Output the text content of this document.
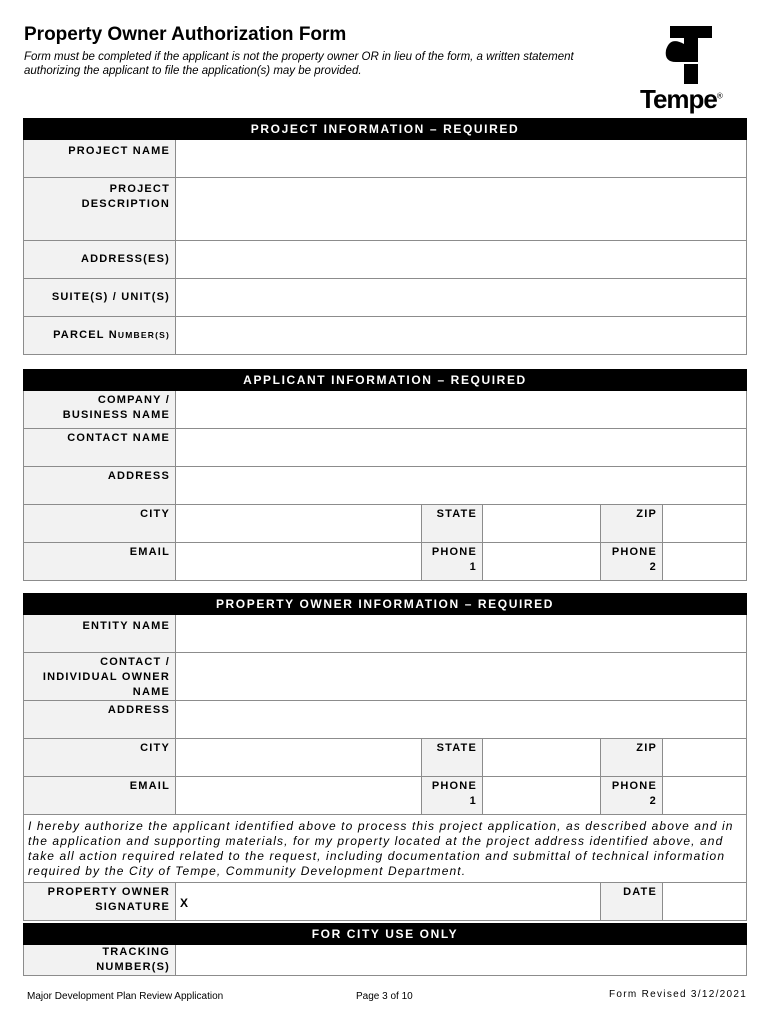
Property Owner Authorization Form
Form must be completed if the applicant is not the property owner OR in lieu of the form, a written statement authorizing the applicant to file the application(s) may be provided.
Tempe®
PROJECT INFORMATION – REQUIRED	
PROJECT NAME	
PROJECT DESCRIPTION	
ADDRESS(ES)	
SUITE(S) / UNIT(S)	
PARCEL NUMBER(S)	
APPLICANT INFORMATION – REQUIRED					
COMPANY / BUSINESS NAME					
CONTACT NAME					
ADDRESS					
CITY		STATE		ZIP	
EMAIL		PHONE 1		PHONE 2	
PROPERTY OWNER INFORMATION – REQUIRED					
ENTITY NAME					
CONTACT / INDIVIDUAL OWNER NAME					
ADDRESS					
CITY		STATE		ZIP	
EMAIL		PHONE 1		PHONE 2	
I hereby authorize the applicant identified above to process this project application, as described above and in the application and supporting materials, for my property located at the project address identified above, and take all action required related to the request, including documentation and submittal of technical information required by the City of Tempe, Community Development Department.					
PROPERTY OWNER SIGNATURE	X			DATE	
FOR CITY USE ONLY
TRACKING NUMBER(S)	
Major Development Plan Review Application	Page 3 of 10	Form Revised 3/12/2021
